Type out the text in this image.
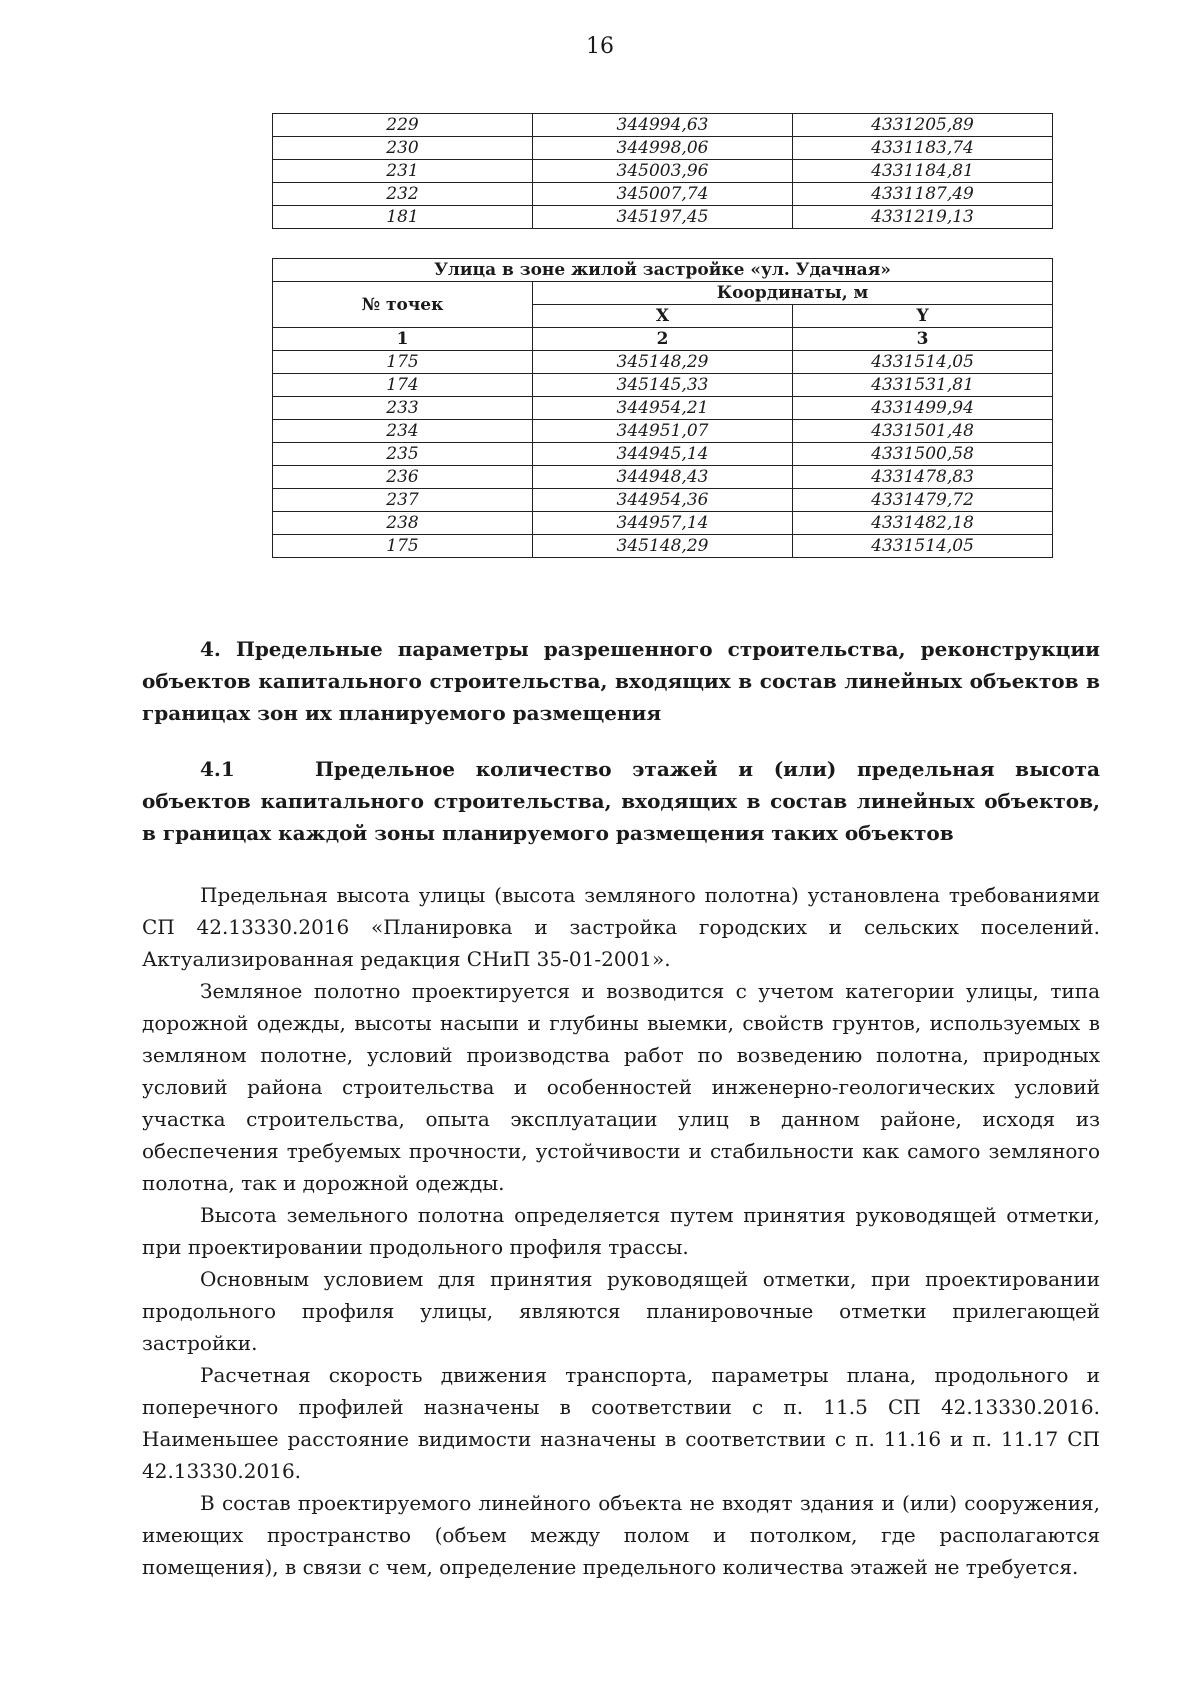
16
229	344994,63	4331205,89
230	344998,06	4331183,74
231	345003,96	4331184,81
232	345007,74	4331187,49
181	345197,45	4331219,13
Улица в зоне жилой застройке «ул. Удачная»		
№ точек	Координаты, м	
	X	Y
1	2	3
175	345148,29	4331514,05
174	345145,33	4331531,81
233	344954,21	4331499,94
234	344951,07	4331501,48
235	344945,14	4331500,58
236	344948,43	4331478,83
237	344954,36	4331479,72
238	344957,14	4331482,18
175	345148,29	4331514,05
4. Предельные параметры разрешенного строительства, реконструкции объектов капитального строительства, входящих в состав линейных объектов в границах зон их планируемого размещения
4.1	Предельное количество этажей и (или) предельная высота объектов капитального строительства, входящих в состав линейных объектов, в границах каждой зоны планируемого размещения таких объектов

Предельная высота улицы (высота земляного полотна) установлена требованиями СП 42.13330.2016 «Планировка и застройка городских и сельских поселений. Актуализированная редакция СНиП 35-01-2001».

Земляное полотно проектируется и возводится с учетом категории улицы, типа дорожной одежды, высоты насыпи и глубины выемки, свойств грунтов, используемых в земляном полотне, условий производства работ по возведению полотна, природных условий района строительства и особенностей инженерно-геологических условий участка строительства, опыта эксплуатации улиц в данном районе, исходя из обеспечения требуемых прочности, устойчивости и стабильности как самого земляного полотна, так и дорожной одежды.

Высота земельного полотна определяется путем принятия руководящей отметки, при проектировании продольного профиля трассы.

Основным условием для принятия руководящей отметки, при проектировании продольного профиля улицы, являются планировочные отметки прилегающей застройки.

Расчетная скорость движения транспорта, параметры плана, продольного и поперечного профилей назначены в соответствии с п. 11.5 СП 42.13330.2016. Наименьшее расстояние видимости назначены в соответствии с п. 11.16 и п. 11.17 СП 42.13330.2016.

В состав проектируемого линейного объекта не входят здания и (или) сооружения, имеющих пространство (объем между полом и потолком, где располагаются помещения), в связи с чем, определение предельного количества этажей не требуется.
